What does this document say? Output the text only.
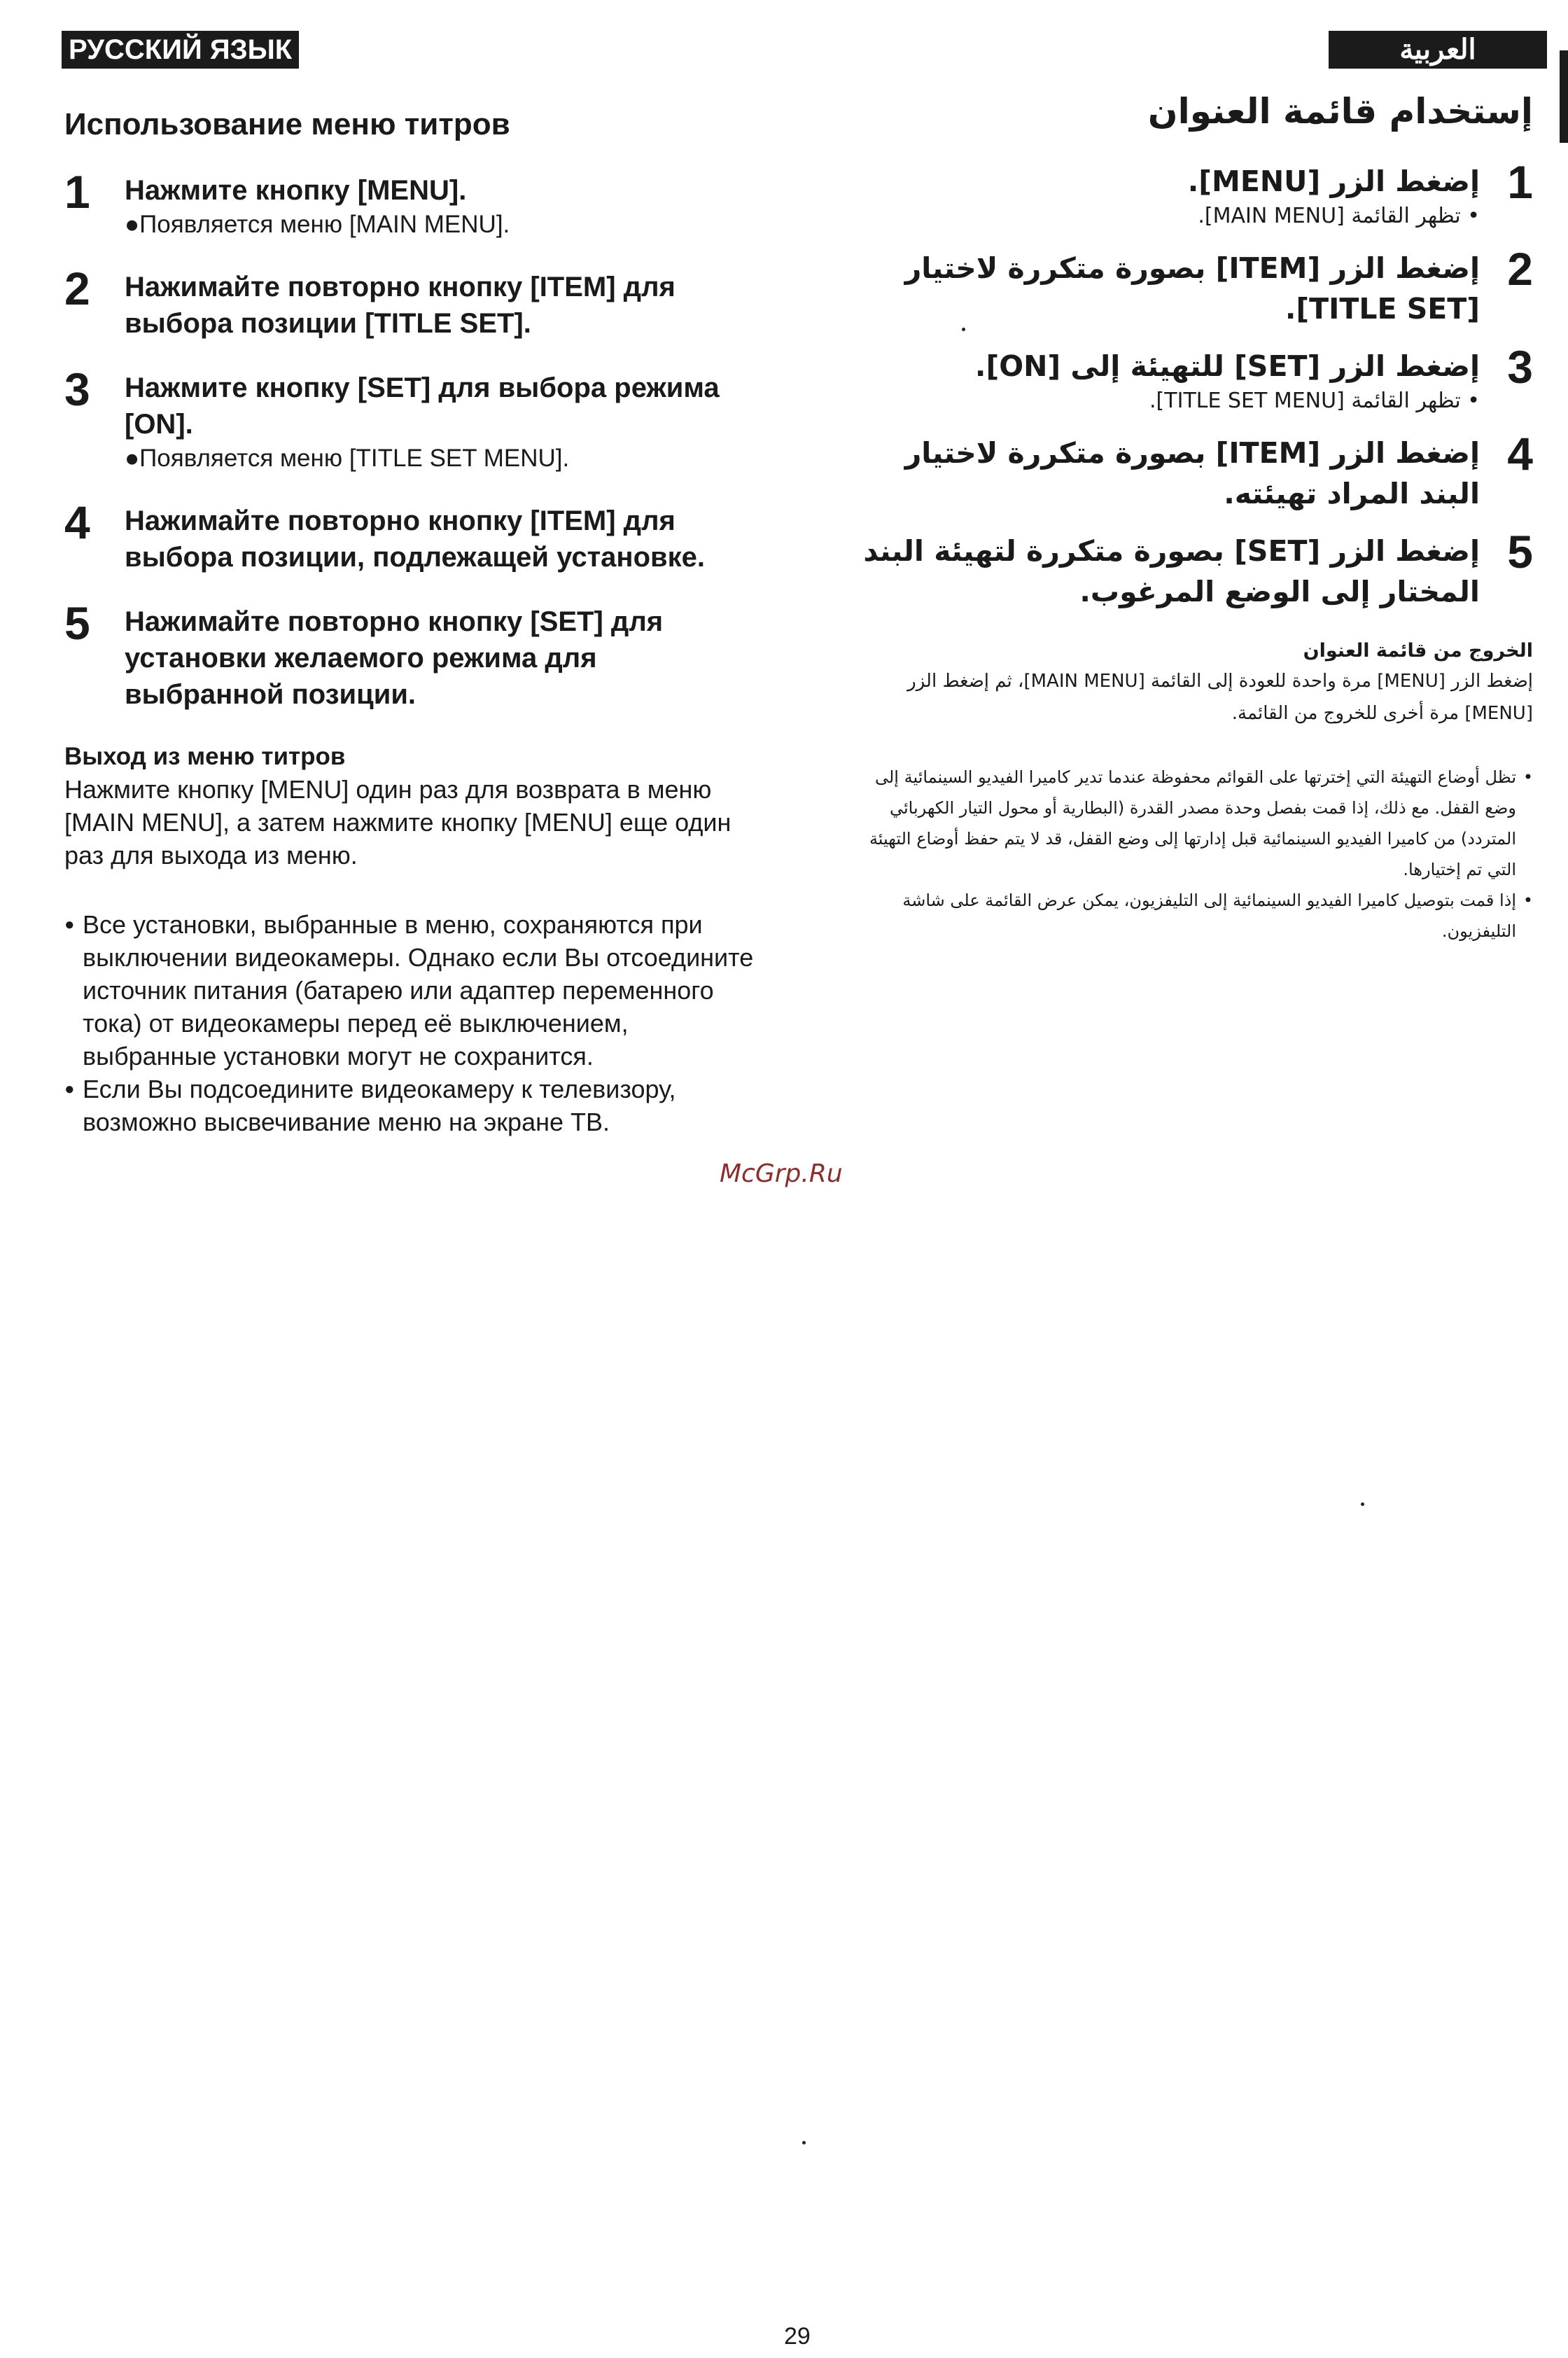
РУССКИЙ ЯЗЫК	العربية
Использование меню титров
1 Нажмите кнопку [MENU].
●Появляется меню [MAIN MENU].
2 Нажимайте повторно кнопку [ITEM] для выбора позиции [TITLE SET].
3 Нажмите кнопку [SET] для выбора режима [ON].
●Появляется меню [TITLE SET MENU].
4 Нажимайте повторно кнопку [ITEM] для выбора позиции, подлежащей установке.
5 Нажимайте повторно кнопку [SET] для установки желаемого режима для выбранной позиции.
Выход из меню титров
Нажмите кнопку [MENU] один раз для возврата в меню [MAIN MENU], а затем нажмите кнопку [MENU] еще один раз для выхода из меню.
● Все установки, выбранные в меню, сохраняются при выключении видеокамеры. Однако если Вы отсоедините источник питания (батарею или адаптер переменного тока) от видеокамеры перед её выключением, выбранные установки могут не сохранится.
● Если Вы подсоедините видеокамеру к телевизору, возможно высвечивание меню на экране ТВ.
إستخدام قائمة العنوان
1
إضغط الزر [MENU].
• تظهر القائمة [MAIN MENU].
2
إضغط الزر [ITEM] بصورة متكررة لاختيار [TITLE SET].
3
إضغط الزر [SET] للتهيئة إلى [ON].
• تظهر القائمة [TITLE SET MENU].
4
إضغط الزر [ITEM] بصورة متكررة لاختيار البند المراد تهيئته.
5
إضغط الزر [SET] بصورة متكررة لتهيئة البند المختار إلى الوضع المرغوب.
الخروج من قائمة العنوان
إضغط الزر [MENU] مرة واحدة للعودة إلى القائمة [MAIN MENU]، ثم إضغط الزر [MENU] مرة أخرى للخروج من القائمة.
• تظل أوضاع التهيئة التي إخترتها على القوائم محفوظة عندما تدير كاميرا الفيديو السينمائية إلى وضع القفل. مع ذلك، إذا قمت بفصل وحدة مصدر القدرة (البطارية أو محول التيار الكهربائي المتردد) من كاميرا الفيديو السينمائية قبل إدارتها إلى وضع القفل، قد لا يتم حفظ أوضاع التهيئة التي تم إختيارها.
• إذا قمت بتوصيل كاميرا الفيديو السينمائية إلى التليفزيون، يمكن عرض القائمة على شاشة التليفزيون.
McGrp.Ru
29
